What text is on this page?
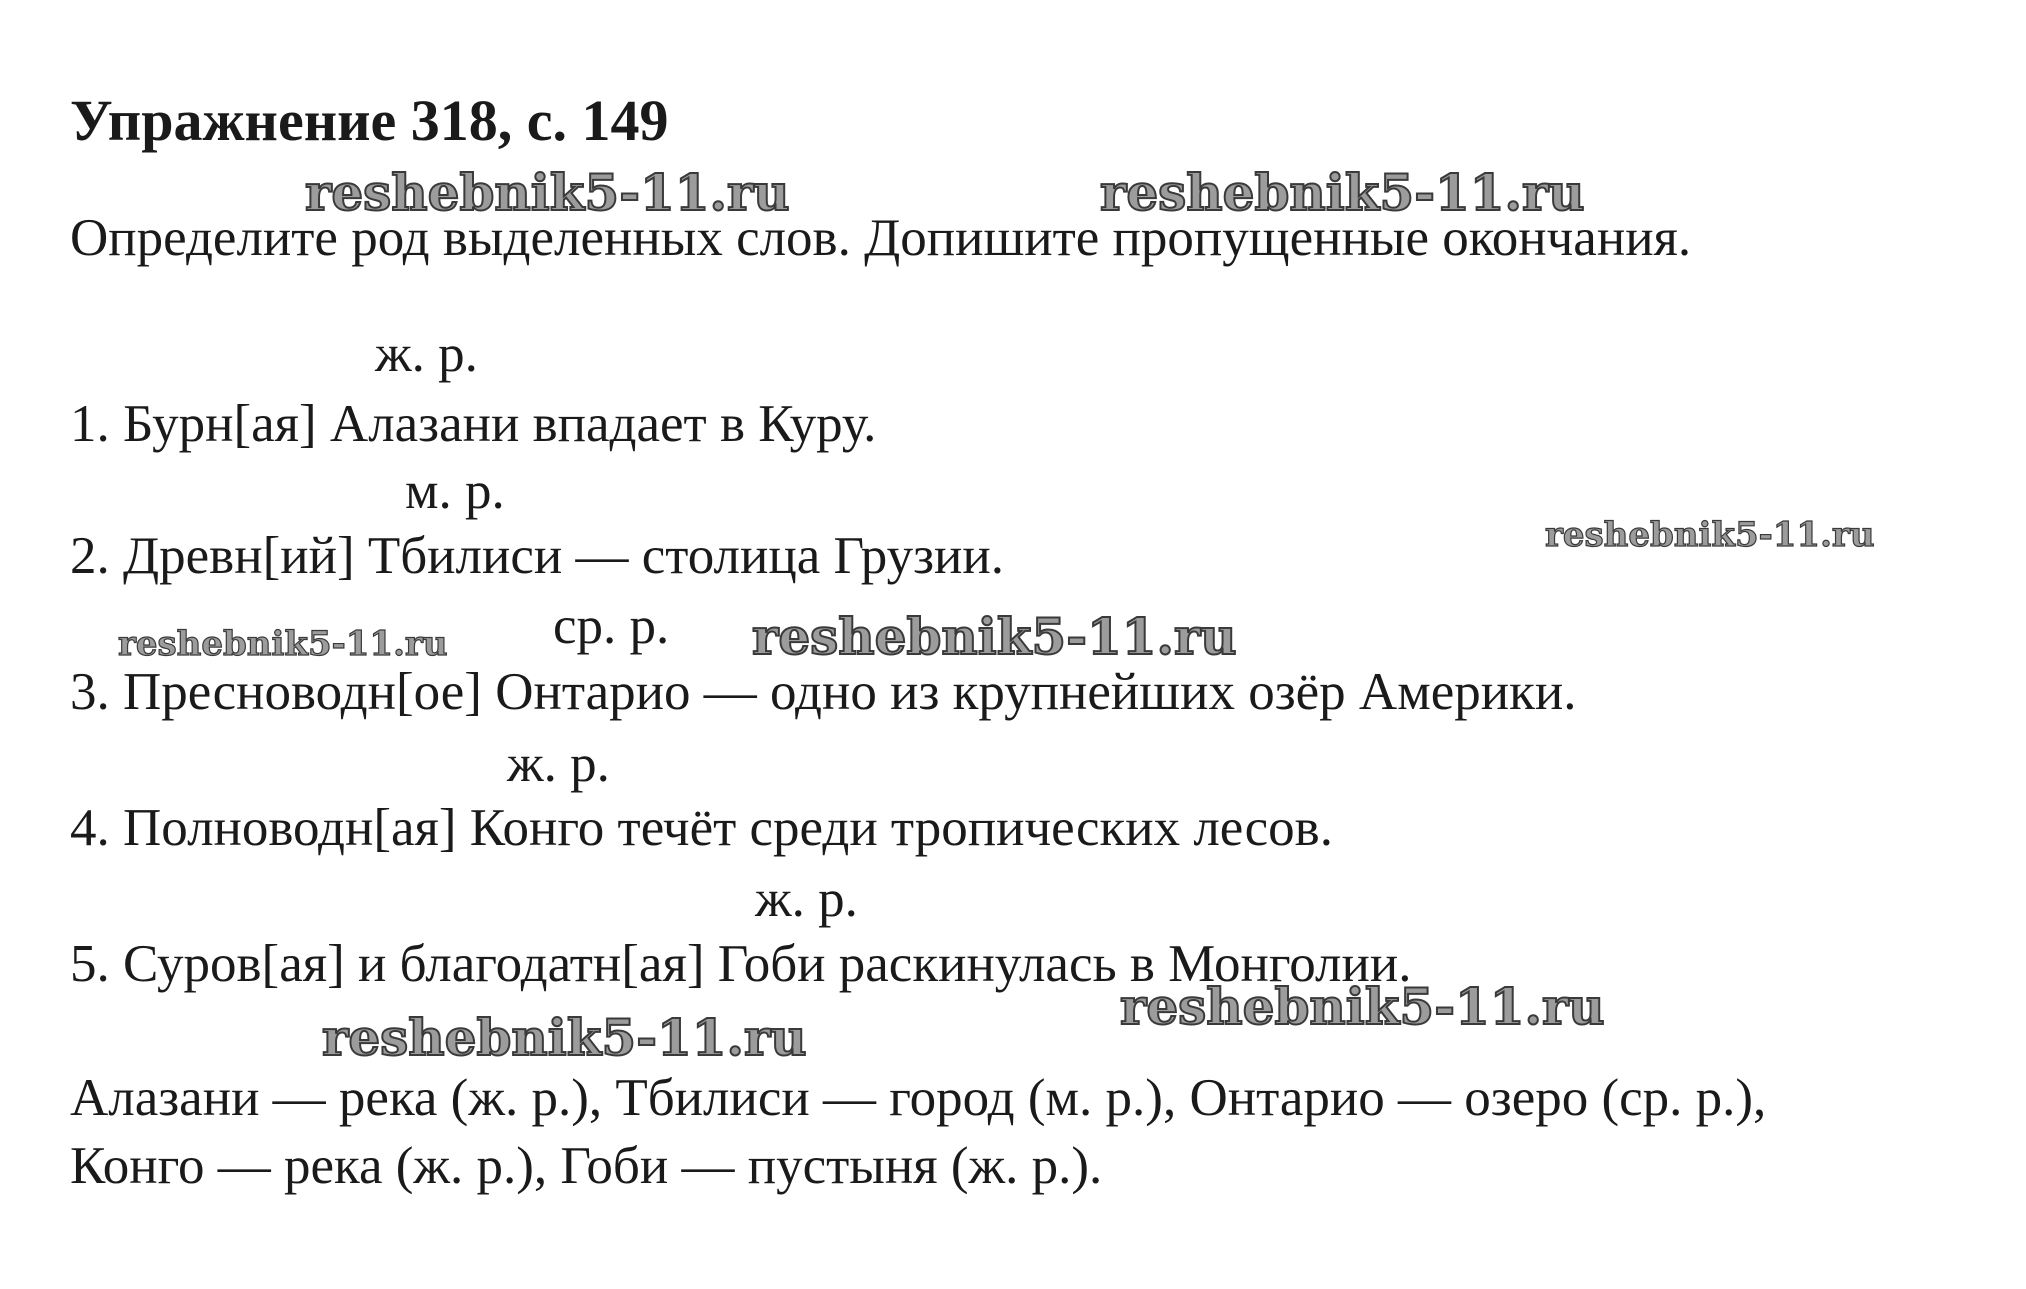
Упражнение 318, с. 149
reshebnik5-11.ru	reshebnik5-11.ru
Определите род выделенных слов. Допишите пропущенные окончания.
ж. р.
1. Бурн[ая] Алазани впадает в Куру.
м. р.
2. Древн[ий] Тбилиси — столица Грузии.	reshebnik5-11.ru
reshebnik5-11.ru ср. р. reshebnik5-11.ru
3. Пресноводн[ое] Онтарио — одно из крупнейших озёр Америки.
ж. р.
4. Полноводн[ая] Конго течёт среди тропических лесов.
ж. р.
5. Суров[ая] и благодатн[ая] Гоби раскинулась в Монголии.
reshebnik5-11.ru
reshebnik5-11.ru
Алазани — река (ж. р.), Тбилиси — город (м. р.), Онтарио — озеро (ср. р.),
Конго — река (ж. р.), Гоби — пустыня (ж. р.).
